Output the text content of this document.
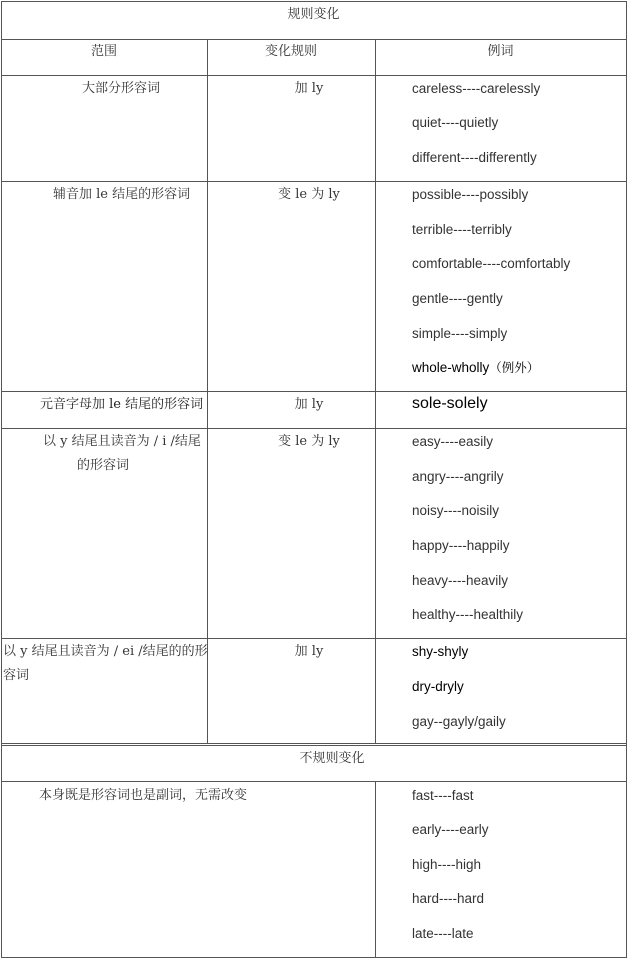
规则变化
范围	变化规则	例词
大部分形容词	加 ly	careless----carelessly
quiet----quietly
different----differently
辅音加 le 结尾的形容词	变 le 为 ly	possible----possibly
terrible----terribly
comfortable----comfortably
gentle----gently
simple----simply
whole-wholly（例外）
元音字母加 le 结尾的形容词	加 ly	sole-solely
以 y 结尾且读音为 / i /结尾
的形容词
变 le 为 ly	easy----easily
angry----angrily
noisy----noisily
happy----happily
heavy----heavily
healthy----healthily
以 y 结尾且读音为 / ei /结尾的的形
容词
加 ly	shy-shyly
dry-dryly
gay--gayly/gaily
不规则变化
本身既是形容词也是副词，无需改变	fast----fast
early----early
high----high
hard----hard
late----late
